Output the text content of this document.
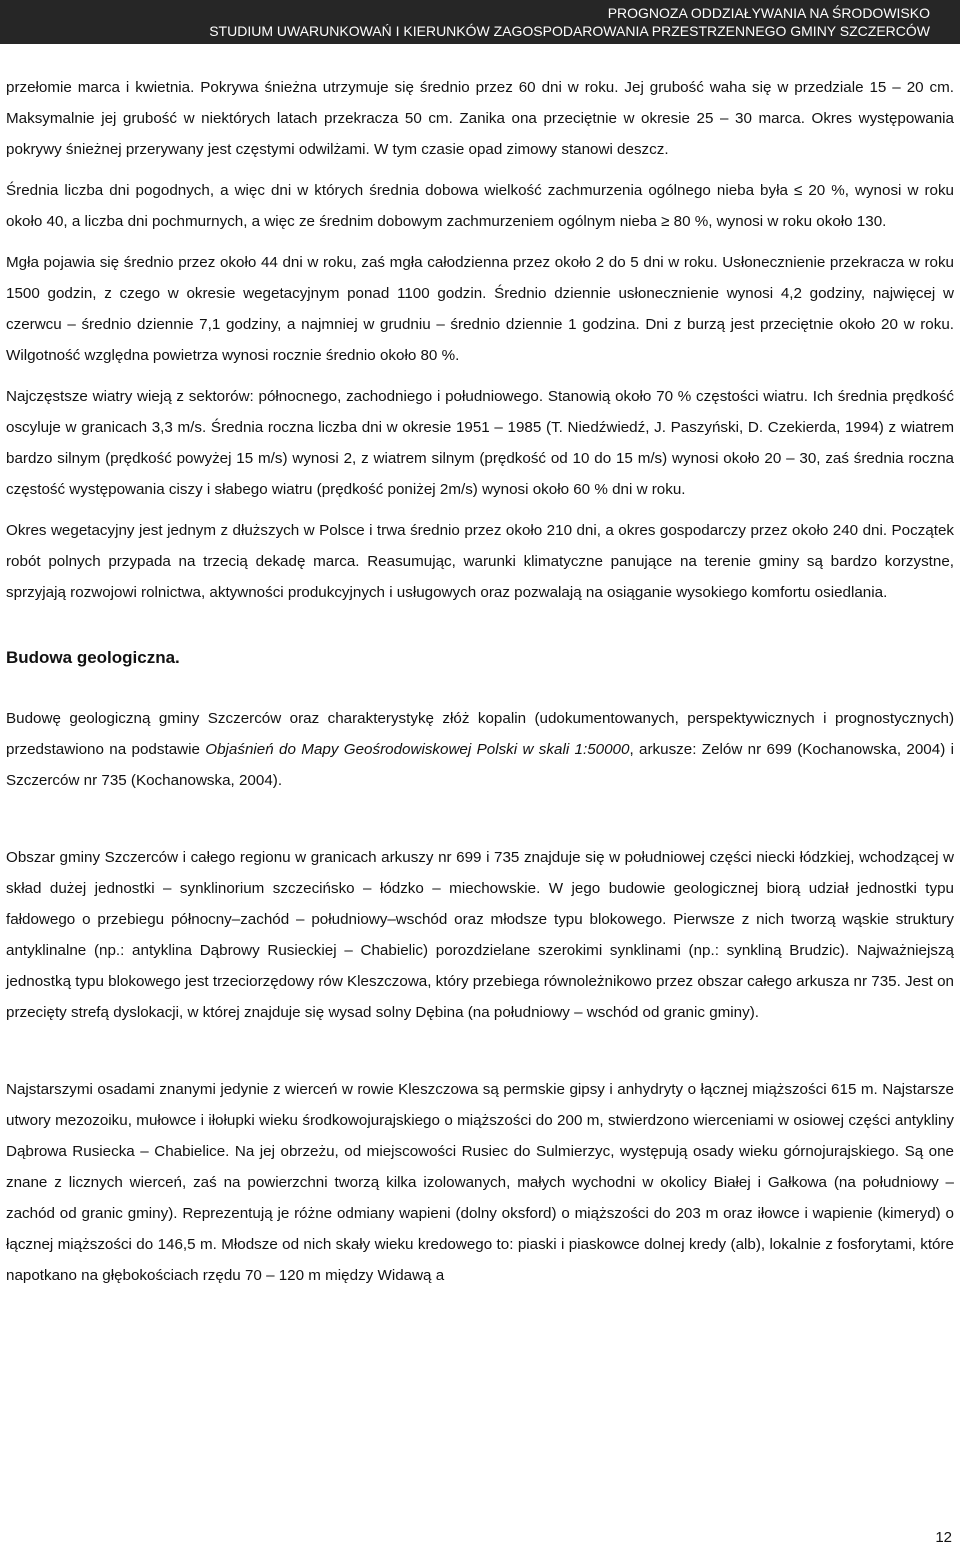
PROGNOZA ODDZIAŁYWANIA NA ŚRODOWISKO
STUDIUM UWARUNKOWAŃ I KIERUNKÓW ZAGOSPODAROWANIA PRZESTRZENNEGO GMINY SZCZERCÓW

przełomie marca i kwietnia. Pokrywa śnieżna utrzymuje się średnio przez 60 dni w roku. Jej grubość waha się w przedziale 15 – 20 cm. Maksymalnie jej grubość w niektórych latach przekracza 50 cm. Zanika ona przeciętnie w okresie 25 – 30 marca. Okres występowania pokrywy śnieżnej przerywany jest częstymi odwilżami. W tym czasie opad zimowy stanowi deszcz.

Średnia liczba dni pogodnych, a więc dni w których średnia dobowa wielkość zachmurzenia ogólnego nieba była ≤ 20 %, wynosi w roku około 40, a liczba dni pochmurnych, a więc ze średnim dobowym zachmurzeniem ogólnym nieba ≥ 80 %, wynosi w roku około 130.

Mgła pojawia się średnio przez około 44 dni w roku, zaś mgła całodzienna przez około 2 do 5 dni w roku. Usłonecznienie przekracza w roku 1500 godzin, z czego w okresie wegetacyjnym ponad 1100 godzin. Średnio dziennie usłonecznienie wynosi 4,2 godziny, najwięcej w czerwcu – średnio dziennie 7,1 godziny, a najmniej w grudniu – średnio dziennie 1 godzina. Dni z burzą jest przeciętnie około 20 w roku. Wilgotność względna powietrza wynosi rocznie średnio około 80 %.

Najczęstsze wiatry wieją z sektorów: północnego, zachodniego i południowego. Stanowią około 70 % częstości wiatru. Ich średnia prędkość oscyluje w granicach 3,3 m/s. Średnia roczna liczba dni w okresie 1951 – 1985 (T. Niedźwiedź, J. Paszyński, D. Czekierda, 1994) z wiatrem bardzo silnym (prędkość powyżej 15 m/s) wynosi 2, z wiatrem silnym (prędkość od 10 do 15 m/s) wynosi około 20 – 30, zaś średnia roczna częstość występowania ciszy i słabego wiatru (prędkość poniżej 2m/s) wynosi około 60 % dni w roku.

Okres wegetacyjny jest jednym z dłuższych w Polsce i trwa średnio przez około 210 dni, a okres gospodarczy przez około 240 dni. Początek robót polnych przypada na trzecią dekadę marca. Reasumując, warunki klimatyczne panujące na terenie gminy są bardzo korzystne, sprzyjają rozwojowi rolnictwa, aktywności produkcyjnych i usługowych oraz pozwalają na osiąganie wysokiego komfortu osiedlania.

Budowa geologiczna.

Budowę geologiczną gminy Szczerców oraz charakterystykę złóż kopalin (udokumentowanych, perspektywicznych i prognostycznych) przedstawiono na podstawie Objaśnień do Mapy Geośrodowiskowej Polski w skali 1:50000, arkusze: Zelów nr 699 (Kochanowska, 2004) i Szczerców nr 735 (Kochanowska, 2004).

Obszar gminy Szczerców i całego regionu w granicach arkuszy nr 699 i 735 znajduje się w południowej części niecki łódzkiej, wchodzącej w skład dużej jednostki – synklinorium szczecińsko – łódzko – miechowskie. W jego budowie geologicznej biorą udział jednostki typu fałdowego o przebiegu północny–zachód – południowy–wschód oraz młodsze typu blokowego. Pierwsze z nich tworzą wąskie struktury antyklinalne (np.: antyklina Dąbrowy Rusieckiej – Chabielic) porozdzielane szerokimi synklinami (np.: synkliną Brudzic). Najważniejszą jednostką typu blokowego jest trzeciorzędowy rów Kleszczowa, który przebiega równoleżnikowo przez obszar całego arkusza nr 735. Jest on przecięty strefą dyslokacji, w której znajduje się wysad solny Dębina (na południowy – wschód od granic gminy).

Najstarszymi osadami znanymi jedynie z wierceń w rowie Kleszczowa są permskie gipsy i anhydryty o łącznej miąższości 615 m. Najstarsze utwory mezozoiku, mułowce i iłołupki wieku środkowojurajskiego o miąższości do 200 m, stwierdzono wierceniami w osiowej części antykliny Dąbrowa Rusiecka – Chabielice. Na jej obrzeżu, od miejscowości Rusiec do Sulmierzyc, występują osady wieku górnojurajskiego. Są one znane z licznych wierceń, zaś na powierzchni tworzą kilka izolowanych, małych wychodni w okolicy Białej i Gałkowa (na południowy – zachód od granic gminy). Reprezentują je różne odmiany wapieni (dolny oksford) o miąższości do 203 m oraz iłowce i wapienie (kimeryd) o łącznej miąższości do 146,5 m. Młodsze od nich skały wieku kredowego to: piaski i piaskowce dolnej kredy (alb), lokalnie z fosforytami, które napotkano na głębokościach rzędu 70 – 120 m między Widawą a

12
